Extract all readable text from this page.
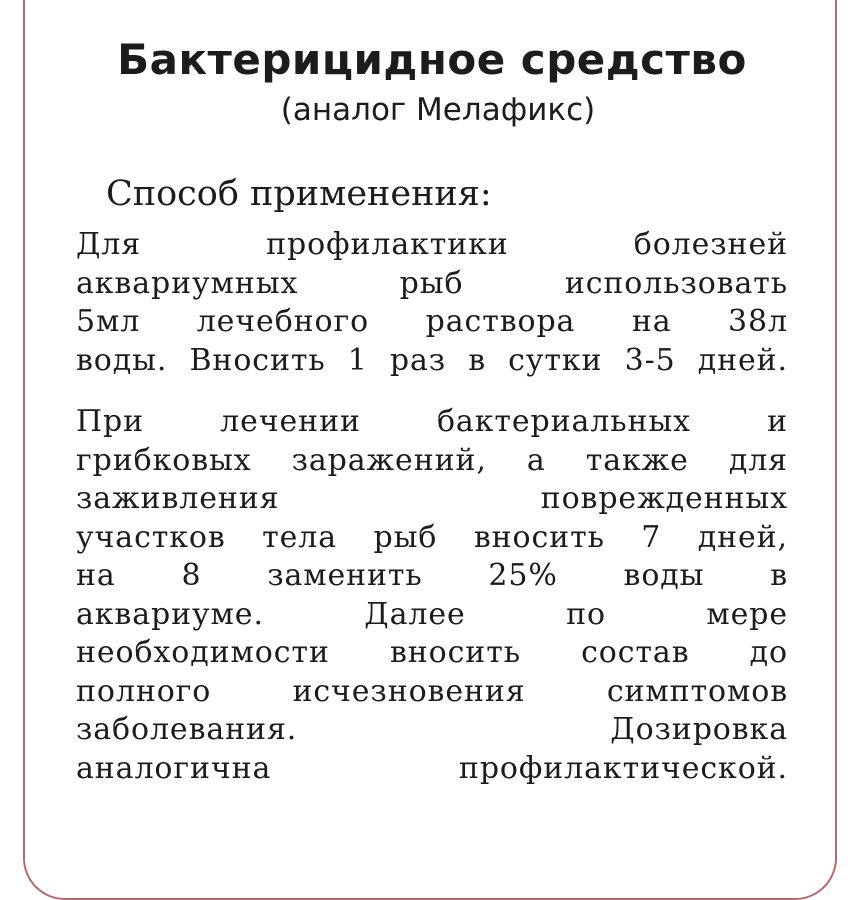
Бактерицидное средство
(аналог Мелафикс)
Способ применения:
Для профилактики болезней
аквариумных рыб использовать
5мл лечебного раствора на 38л
воды. Вносить 1 раз в сутки 3-5 дней.
При лечении бактериальных и
грибковых заражений, а также для
заживления поврежденных
участков тела рыб вносить 7 дней,
на 8 заменить 25% воды в
аквариуме. Далее по мере
необходимости вносить состав до
полного исчезновения симптомов
заболевания. Дозировка
аналогична профилактической.
